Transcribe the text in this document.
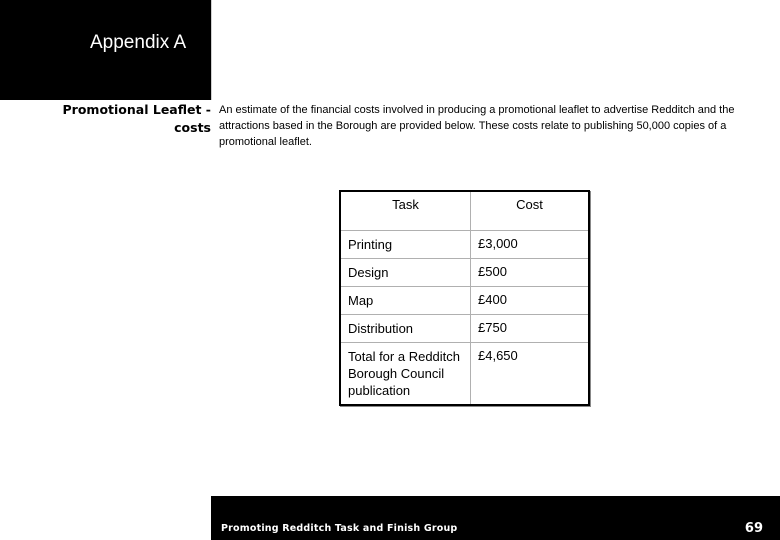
Appendix A
Promotional Leaflet -
costs
An estimate of the financial costs involved in producing a promotional leaflet to advertise Redditch and the attractions based in the Borough are provided below. These costs relate to publishing 50,000 copies of a promotional leaflet.
Task	Cost
Printing	£3,000
Design	£500
Map	£400
Distribution	£750
Total for a Redditch Borough Council publication	£4,650
Promoting Redditch Task and Finish Group	69
